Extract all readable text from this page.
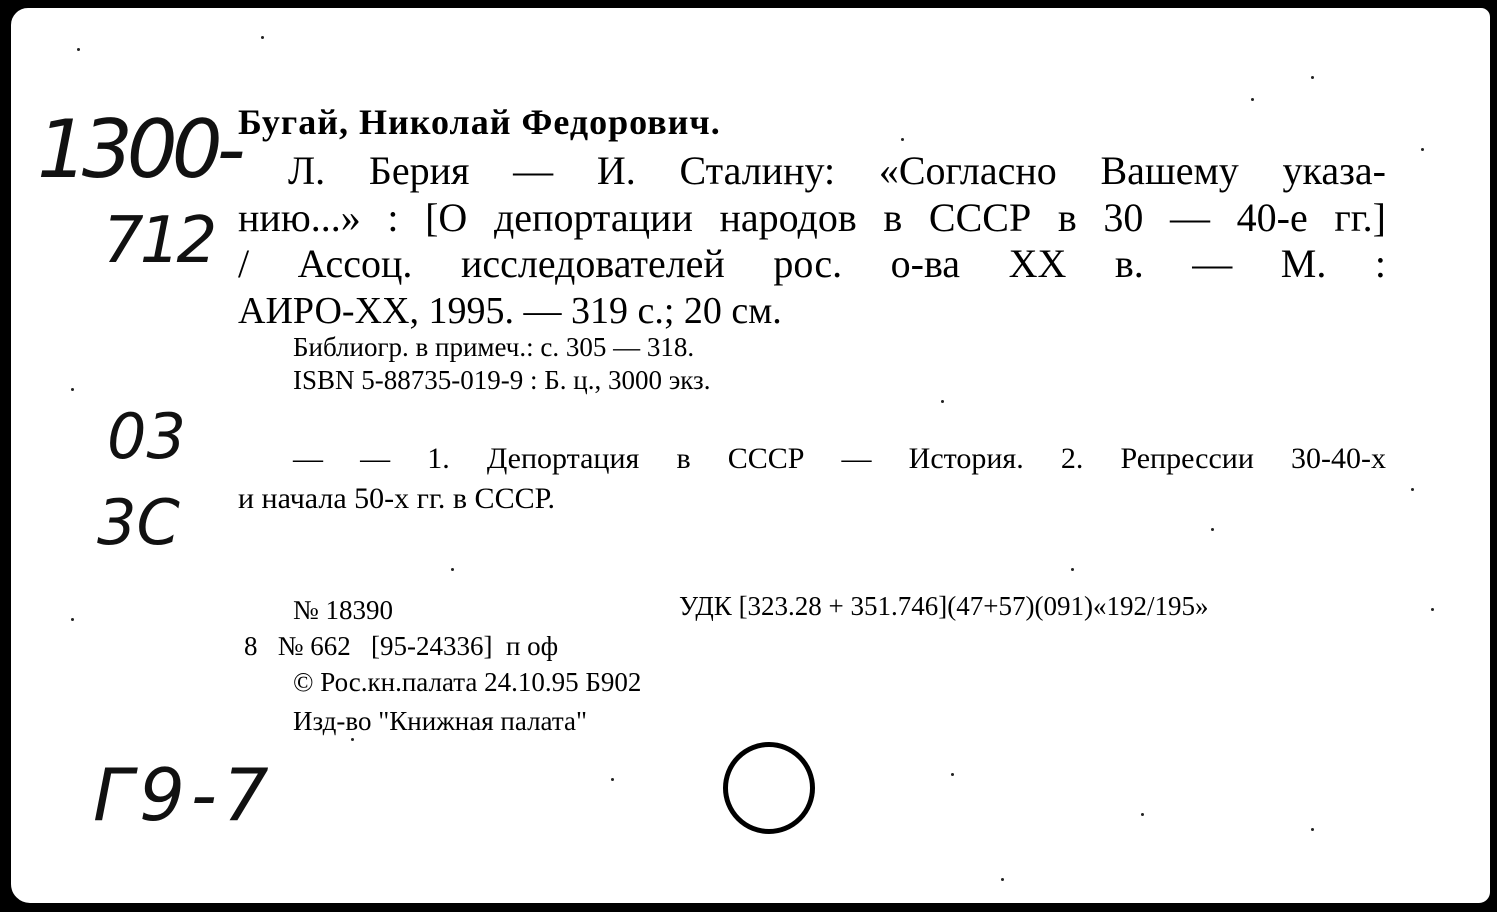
1300-
712
03
3С
Г9-7
Бугай, Николай Федорович.
Л. Берия — И. Сталину: «Согласно Вашему указа-
нию...» : [О депортации народов в СССР в 30 — 40-е гг.]
/ Ассоц. исследователей рос. о-ва XX в. — М. :
АИРО-XX, 1995. — 319 с.; 20 см.
Библиогр. в примеч.: с. 305 — 318.
ISBN 5-88735-019-9 : Б. ц., 3000 экз.
— — 1. Депортация в СССР — История. 2. Репрессии 30-40-х
и начала 50-х гг. в СССР.
№ 18390	УДК [323.28 + 351.746](47+57)(091)«192/195»
8   № 662   [95-24336]  п оф
© Рос.кн.палата 24.10.95 Б902
Изд-во "Книжная палата"
